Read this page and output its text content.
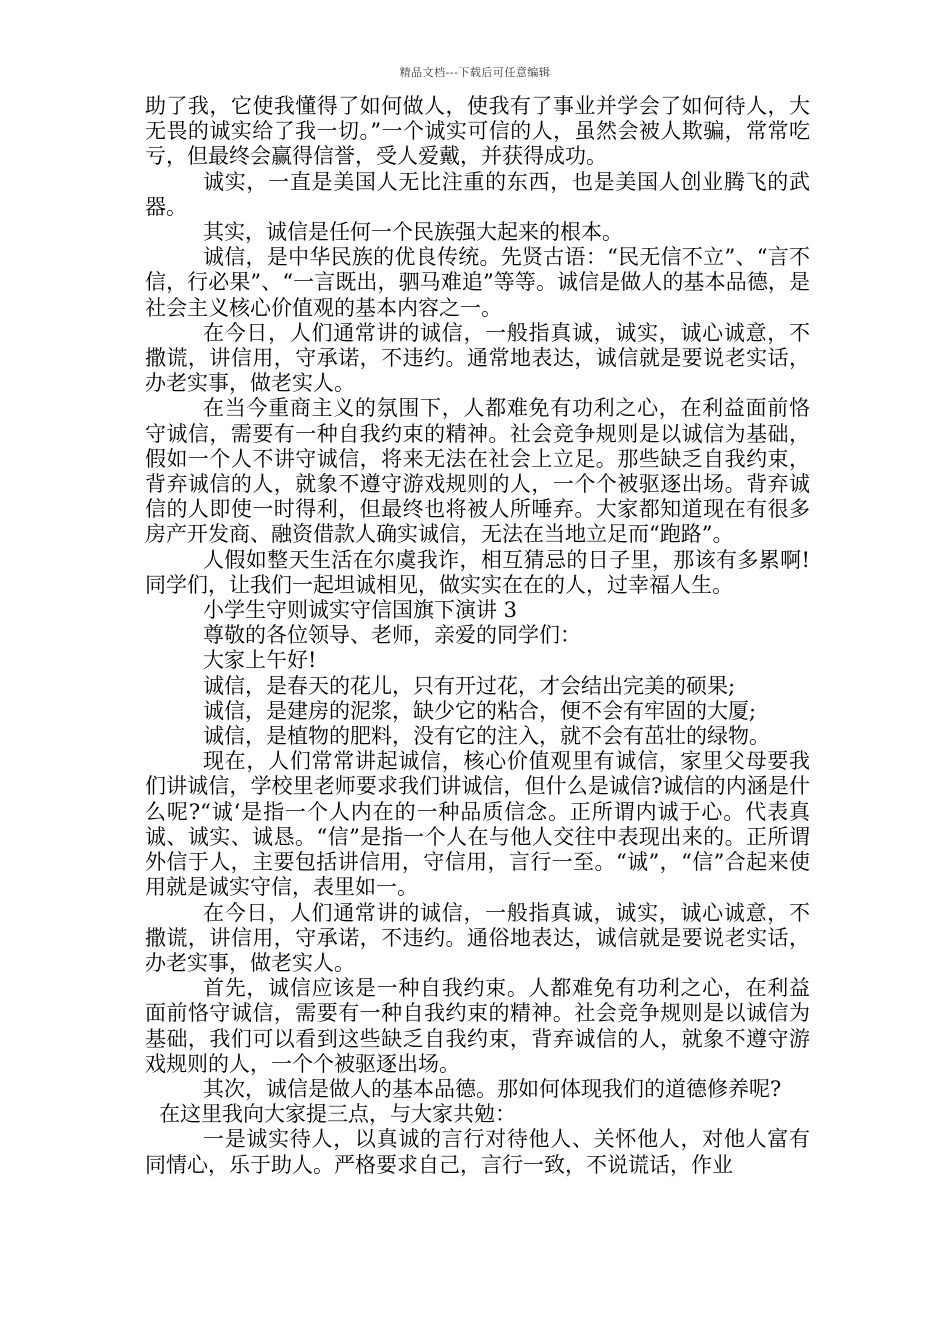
精品文档---下载后可任意编辑

助了我，它使我懂得了如何做人，使我有了事业并学会了如何待人，大无畏的诚实给了我一切。”一个诚实可信的人，虽然会被人欺骗，常常吃亏，但最终会赢得信誉，受人爱戴，并获得成功。

诚实，一直是美国人无比注重的东西，也是美国人创业腾飞的武器。

其实，诚信是任何一个民族强大起来的根本。

诚信，是中华民族的优良传统。先贤古语：“民无信不立”、“言不信，行必果”、“一言既出，驷马难追”等等。诚信是做人的基本品德，是社会主义核心价值观的基本内容之一。

在今日，人们通常讲的诚信，一般指真诚，诚实，诚心诚意，不撒谎，讲信用，守承诺，不违约。通常地表达，诚信就是要说老实话，办老实事，做老实人。

在当今重商主义的氛围下，人都难免有功利之心，在利益面前恪守诚信，需要有一种自我约束的精神。社会竞争规则是以诚信为基础，假如一个人不讲守诚信，将来无法在社会上立足。那些缺乏自我约束，背弃诚信的人，就象不遵守游戏规则的人，一个个被驱逐出场。背弃诚信的人即使一时得利，但最终也将被人所唾弃。大家都知道现在有很多房产开发商、融资借款人确实诚信，无法在当地立足而“跑路”。

人假如整天生活在尔虞我诈，相互猜忌的日子里，那该有多累啊!同学们，让我们一起坦诚相见，做实实在在的人，过幸福人生。

小学生守则诚实守信国旗下演讲 3

尊敬的各位领导、老师，亲爱的同学们：

大家上午好!

诚信，是春天的花儿，只有开过花，才会结出完美的硕果;

诚信，是建房的泥浆，缺少它的粘合，便不会有牢固的大厦;

诚信，是植物的肥料，没有它的注入，就不会有茁壮的绿物。

现在，人们常常讲起诚信，核心价值观里有诚信，家里父母要我们讲诚信，学校里老师要求我们讲诚信，但什么是诚信?诚信的内涵是什么呢?“诚‘是指一个人内在的一种品质信念。正所谓内诚于心。代表真诚、诚实、诚恳。“信”是指一个人在与他人交往中表现出来的。正所谓外信于人，主要包括讲信用，守信用，言行一至。“诚”，“信”合起来使用就是诚实守信，表里如一。

在今日，人们通常讲的诚信，一般指真诚，诚实，诚心诚意，不撒谎，讲信用，守承诺，不违约。通俗地表达，诚信就是要说老实话，办老实事，做老实人。

首先，诚信应该是一种自我约束。人都难免有功利之心，在利益面前恪守诚信，需要有一种自我约束的精神。社会竞争规则是以诚信为基础，我们可以看到这些缺乏自我约束，背弃诚信的人，就象不遵守游戏规则的人，一个个被驱逐出场。

其次，诚信是做人的基本品德。那如何体现我们的道德修养呢?

在这里我向大家提三点，与大家共勉：

一是诚实待人，以真诚的言行对待他人、关怀他人，对他人富有同情心，乐于助人。严格要求自己，言行一致，不说谎话，作业
